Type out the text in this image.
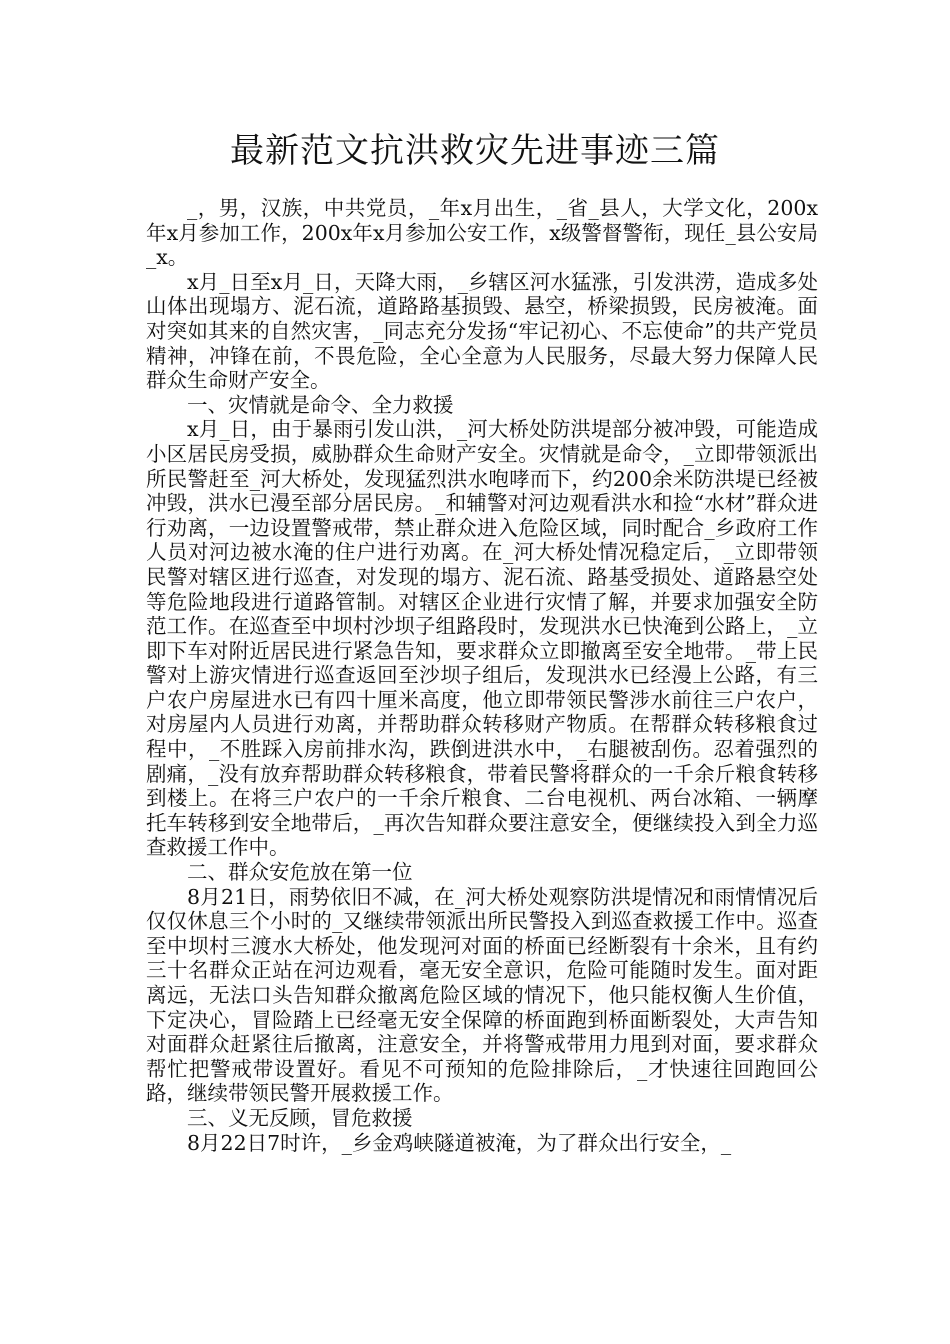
最新范文抗洪救灾先进事迹三篇

_，男，汉族，中共党员，_年x月出生，_省_县人，大学文化，200x年x月参加工作，200x年x月参加公安工作，x级警督警衔，现任_县公安局_x。

x月_日至x月_日，天降大雨，_乡辖区河水猛涨，引发洪涝，造成多处山体出现塌方、泥石流，道路路基损毁、悬空，桥梁损毁，民房被淹。面对突如其来的自然灾害，_同志充分发扬“牢记初心、不忘使命”的共产党员精神，冲锋在前，不畏危险，全心全意为人民服务，尽最大努力保障人民群众生命财产安全。

一、灾情就是命令、全力救援

x月_日，由于暴雨引发山洪，_河大桥处防洪堤部分被冲毁，可能造成小区居民房受损，威胁群众生命财产安全。灾情就是命令，_立即带领派出所民警赶至_河大桥处，发现猛烈洪水咆哮而下，约200余米防洪堤已经被冲毁，洪水已漫至部分居民房。_和辅警对河边观看洪水和捡“水材”群众进行劝离，一边设置警戒带，禁止群众进入危险区域，同时配合_乡政府工作人员对河边被水淹的住户进行劝离。在_河大桥处情况稳定后，_立即带领民警对辖区进行巡查，对发现的塌方、泥石流、路基受损处、道路悬空处等危险地段进行道路管制。对辖区企业进行灾情了解，并要求加强安全防范工作。在巡查至中坝村沙坝子组路段时，发现洪水已快淹到公路上，_立即下车对附近居民进行紧急告知，要求群众立即撤离至安全地带。_带上民警对上游灾情进行巡查返回至沙坝子组后，发现洪水已经漫上公路，有三户农户房屋进水已有四十厘米高度，他立即带领民警涉水前往三户农户，对房屋内人员进行劝离，并帮助群众转移财产物质。在帮群众转移粮食过程中，_不胜踩入房前排水沟，跌倒进洪水中，_右腿被刮伤。忍着强烈的剧痛，_没有放弃帮助群众转移粮食，带着民警将群众的一千余斤粮食转移到楼上。在将三户农户的一千余斤粮食、二台电视机、两台冰箱、一辆摩托车转移到安全地带后，_再次告知群众要注意安全，便继续投入到全力巡查救援工作中。

二、群众安危放在第一位

8月21日，雨势依旧不减，在_河大桥处观察防洪堤情况和雨情情况后仅仅休息三个小时的_又继续带领派出所民警投入到巡查救援工作中。巡查至中坝村三渡水大桥处，他发现河对面的桥面已经断裂有十余米，且有约三十名群众正站在河边观看，毫无安全意识，危险可能随时发生。面对距离远，无法口头告知群众撤离危险区域的情况下，他只能权衡人生价值，下定决心，冒险踏上已经毫无安全保障的桥面跑到桥面断裂处，大声告知对面群众赶紧往后撤离，注意安全，并将警戒带用力甩到对面，要求群众帮忙把警戒带设置好。看见不可预知的危险排除后，_才快速往回跑回公路，继续带领民警开展救援工作。

三、义无反顾，冒危救援

8月22日7时许，_乡金鸡峡隧道被淹，为了群众出行安全，_
